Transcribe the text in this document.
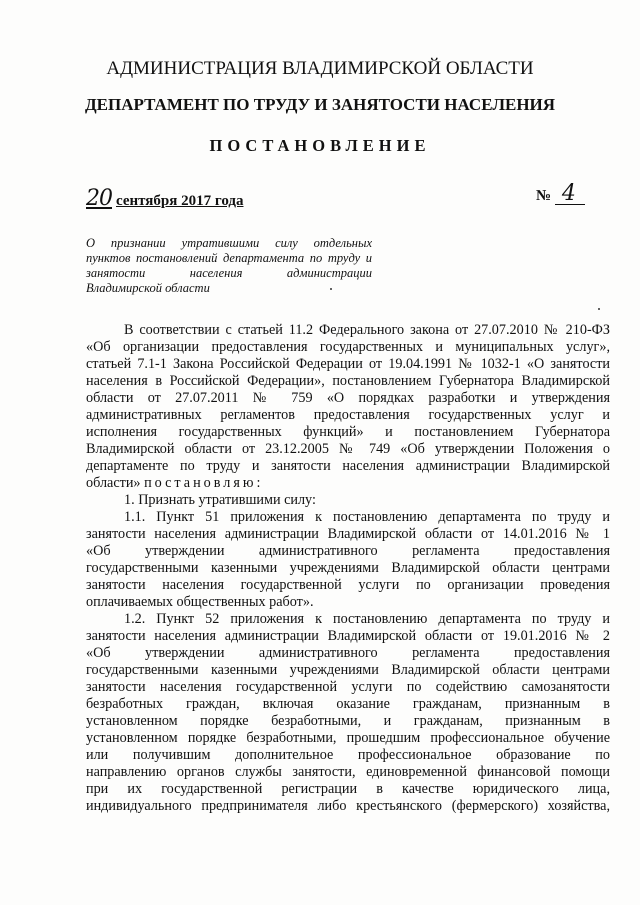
АДМИНИСТРАЦИЯ ВЛАДИМИРСКОЙ ОБЛАСТИ
ДЕПАРТАМЕНТ ПО ТРУДУ И ЗАНЯТОСТИ НАСЕЛЕНИЯ
ПОСТАНОВЛЕНИЕ
20 сентября 2017 года	№ 4
О признании утратившими силу отдельных
пунктов постановлений департамента по труду и
занятости населения администрации
Владимирской области
В соответствии с статьей 11.2 Федерального закона от 27.07.2010 № 210-ФЗ
«Об организации предоставления государственных и муниципальных услуг»,
статьей 7.1-1 Закона Российской Федерации от 19.04.1991 № 1032-1 «О занятости
населения в Российской Федерации», постановлением Губернатора Владимирской
области от 27.07.2011 № 759 «О порядках разработки и утверждения
административных регламентов предоставления государственных услуг и
исполнения государственных функций» и постановлением Губернатора
Владимирской области от 23.12.2005 № 749 «Об утверждении Положения о
департаменте по труду и занятости населения администрации Владимирской
области» постановляю:
1. Признать утратившими силу:
1.1. Пункт 51 приложения к постановлению департамента по труду и
занятости населения администрации Владимирской области от 14.01.2016 № 1
«Об утверждении административного регламента предоставления
государственными казенными учреждениями Владимирской области центрами
занятости населения государственной услуги по организации проведения
оплачиваемых общественных работ».
1.2. Пункт 52 приложения к постановлению департамента по труду и
занятости населения администрации Владимирской области от 19.01.2016 № 2
«Об утверждении административного регламента предоставления
государственными казенными учреждениями Владимирской области центрами
занятости населения государственной услуги по содействию самозанятости
безработных граждан, включая оказание гражданам, признанным в
установленном порядке безработными, и гражданам, признанным в
установленном порядке безработными, прошедшим профессиональное обучение
или получившим дополнительное профессиональное образование по
направлению органов службы занятости, единовременной финансовой помощи
при их государственной регистрации в качестве юридического лица,
индивидуального предпринимателя либо крестьянского (фермерского) хозяйства,
